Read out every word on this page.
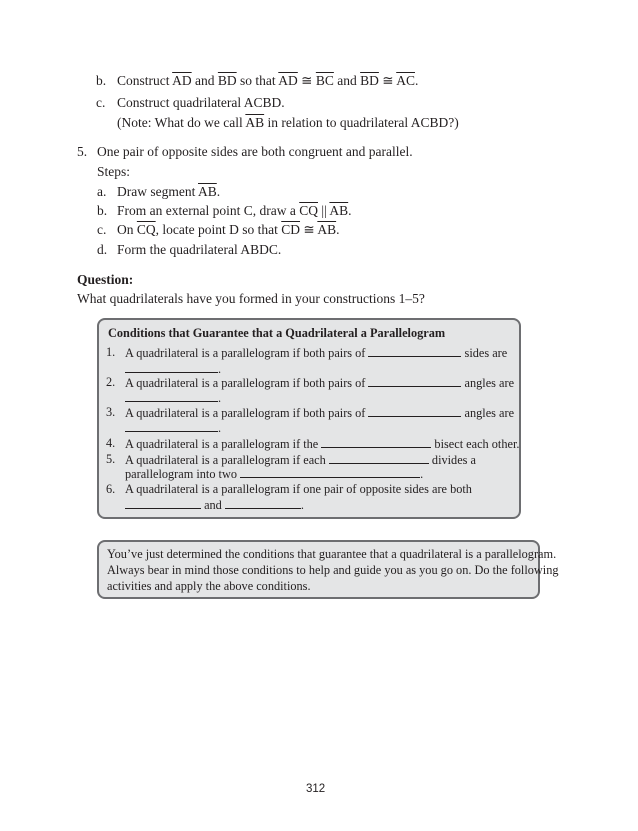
b. Construct $\overline{AD}$ and $\overline{BD}$ so that $\overline{AD}$ ≅ $\overline{BC}$ and $\overline{BD}$ ≅ $\overline{AC}$.
c. Construct quadrilateral ACBD.
(Note: What do we call $\overline{AB}$ in relation to quadrilateral ACBD?)
5. One pair of opposite sides are both congruent and parallel.
Steps:
a. Draw segment $\overline{AB}$.
b. From an external point C, draw a $\overline{CQ}$ || $\overline{AB}$.
c. On $\overline{CQ}$, locate point D so that $\overline{CD}$ ≅ $\overline{AB}$.
d. Form the quadrilateral ABDC.
Question:
What quadrilaterals have you formed in your constructions 1–5?
Conditions that Guarantee that a Quadrilateral a Parallelogram
1. A quadrilateral is a parallelogram if both pairs of	sides are
.
2. A quadrilateral is a parallelogram if both pairs of	angles are
.
3. A quadrilateral is a parallelogram if both pairs of	angles are
.
4. A quadrilateral is a parallelogram if the	bisect each other.
5. A quadrilateral is a parallelogram if each	divides a
parallelogram into two	.
6. A quadrilateral is a parallelogram if one pair of opposite sides are both
and	.
You’ve just determined the conditions that guarantee that a quadrilateral is a parallelogram.
Always bear in mind those conditions to help and guide you as you go on. Do the following
activities and apply the above conditions.
312
